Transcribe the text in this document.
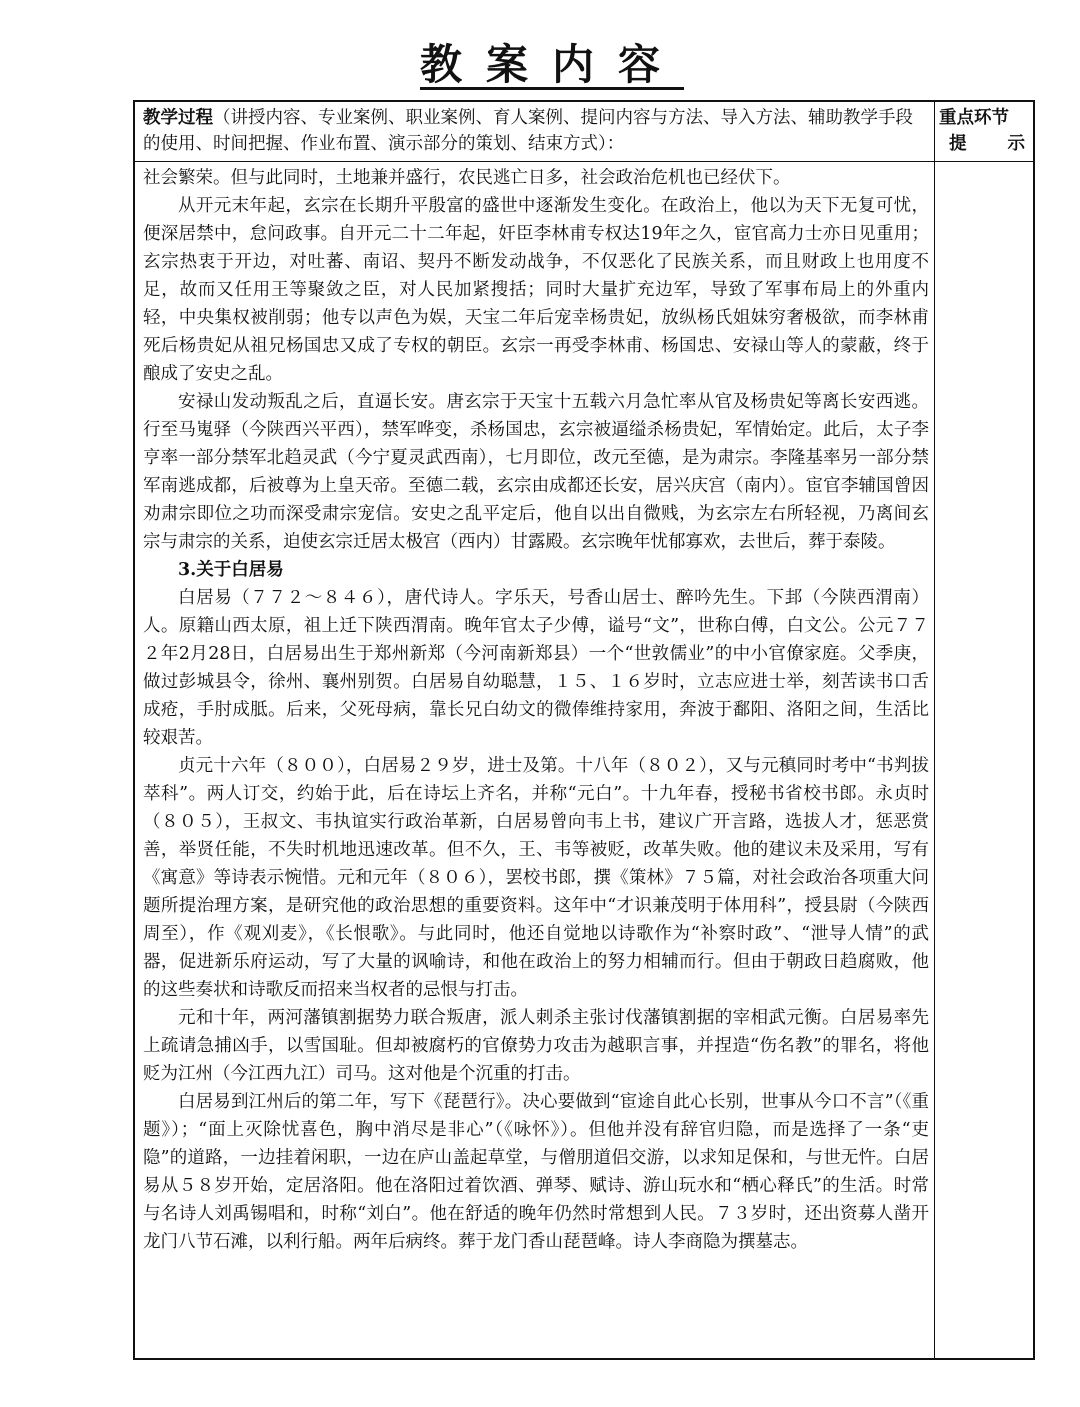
教案内容
教学过程（讲授内容、专业案例、职业案例、育人案例、提问内容与方法、导入方法、辅助教学手段的使用、时间把握、作业布置、演示部分的策划、结束方式）：
重点环节
提 示

社会繁荣。但与此同时，土地兼并盛行，农民逃亡日多，社会政治危机也已经伏下。

从开元末年起，玄宗在长期升平殷富的盛世中逐渐发生变化。在政治上，他以为天下无复可忧，便深居禁中，怠问政事。自开元二十二年起，奸臣李林甫专权达19年之久，宦官高力士亦日见重用；玄宗热衷于开边，对吐蕃、南诏、契丹不断发动战争，不仅恶化了民族关系，而且财政上也用度不足，故而又任用王等聚敛之臣，对人民加紧搜括；同时大量扩充边军，导致了军事布局上的外重内轻，中央集权被削弱；他专以声色为娱，天宝二年后宠幸杨贵妃，放纵杨氏姐妹穷奢极欲，而李林甫死后杨贵妃从祖兄杨国忠又成了专权的朝臣。玄宗一再受李林甫、杨国忠、安禄山等人的蒙蔽，终于酿成了安史之乱。

安禄山发动叛乱之后，直逼长安。唐玄宗于天宝十五载六月急忙率从官及杨贵妃等离长安西逃。行至马嵬驿（今陕西兴平西），禁军哗变，杀杨国忠，玄宗被逼缢杀杨贵妃，军情始定。此后，太子李亨率一部分禁军北趋灵武（今宁夏灵武西南），七月即位，改元至德，是为肃宗。李隆基率另一部分禁军南逃成都，后被尊为上皇天帝。至德二载，玄宗由成都还长安，居兴庆宫（南内）。宦官李辅国曾因劝肃宗即位之功而深受肃宗宠信。安史之乱平定后，他自以出自微贱，为玄宗左右所轻视，乃离间玄宗与肃宗的关系，迫使玄宗迁居太极宫（西内）甘露殿。玄宗晚年忧郁寡欢，去世后，葬于泰陵。

3.关于白居易

白居易（７７２～８４６），唐代诗人。字乐天，号香山居士、醉吟先生。下邽（今陕西渭南）人。原籍山西太原，祖上迁下陕西渭南。晚年官太子少傅，谥号“文”，世称白傅，白文公。公元７７２年2月28日，白居易出生于郑州新郑（今河南新郑县）一个“世敦儒业”的中小官僚家庭。父季庚，做过彭城县令，徐州、襄州别贺。白居易自幼聪慧，１５、１６岁时，立志应进士举，刻苦读书口舌成疮，手肘成胝。后来，父死母病，靠长兄白幼文的微俸维持家用，奔波于鄱阳、洛阳之间，生活比较艰苦。

贞元十六年（８００），白居易２９岁，进士及第。十八年（８０２），又与元稹同时考中“书判拔萃科”。两人订交，约始于此，后在诗坛上齐名，并称“元白”。十九年春，授秘书省校书郎。永贞时（８０５），王叔文、韦执谊实行政治革新，白居易曾向韦上书，建议广开言路，选拔人才，惩恶赏善，举贤任能，不失时机地迅速改革。但不久，王、韦等被贬，改革失败。他的建议未及采用，写有《寓意》等诗表示惋惜。元和元年（８０６），罢校书郎，撰《策林》７５篇，对社会政治各项重大问题所提治理方案，是研究他的政治思想的重要资料。这年中“才识兼茂明于体用科”，授县尉（今陕西周至），作《观刈麦》，《长恨歌》。与此同时，他还自觉地以诗歌作为“补察时政”、“泄导人情”的武器，促进新乐府运动，写了大量的讽喻诗，和他在政治上的努力相辅而行。但由于朝政日趋腐败，他的这些奏状和诗歌反而招来当权者的忌恨与打击。

元和十年，两河藩镇割据势力联合叛唐，派人刺杀主张讨伐藩镇割据的宰相武元衡。白居易率先上疏请急捕凶手，以雪国耻。但却被腐朽的官僚势力攻击为越职言事，并捏造“伤名教”的罪名，将他贬为江州（今江西九江）司马。这对他是个沉重的打击。

白居易到江州后的第二年，写下《琵琶行》。决心要做到“宦途自此心长别，世事从今口不言”（《重题》）；“面上灭除忧喜色，胸中消尽是非心”（《咏怀》）。但他并没有辞官归隐，而是选择了一条“吏隐”的道路，一边挂着闲职，一边在庐山盖起草堂，与僧朋道侣交游，以求知足保和，与世无忤。白居易从５８岁开始，定居洛阳。他在洛阳过着饮酒、弹琴、赋诗、游山玩水和“栖心释氏”的生活。时常与名诗人刘禹锡唱和，时称“刘白”。他在舒适的晚年仍然时常想到人民。７３岁时，还出资募人凿开龙门八节石滩，以利行船。两年后病终。葬于龙门香山琵琶峰。诗人李商隐为撰墓志。
